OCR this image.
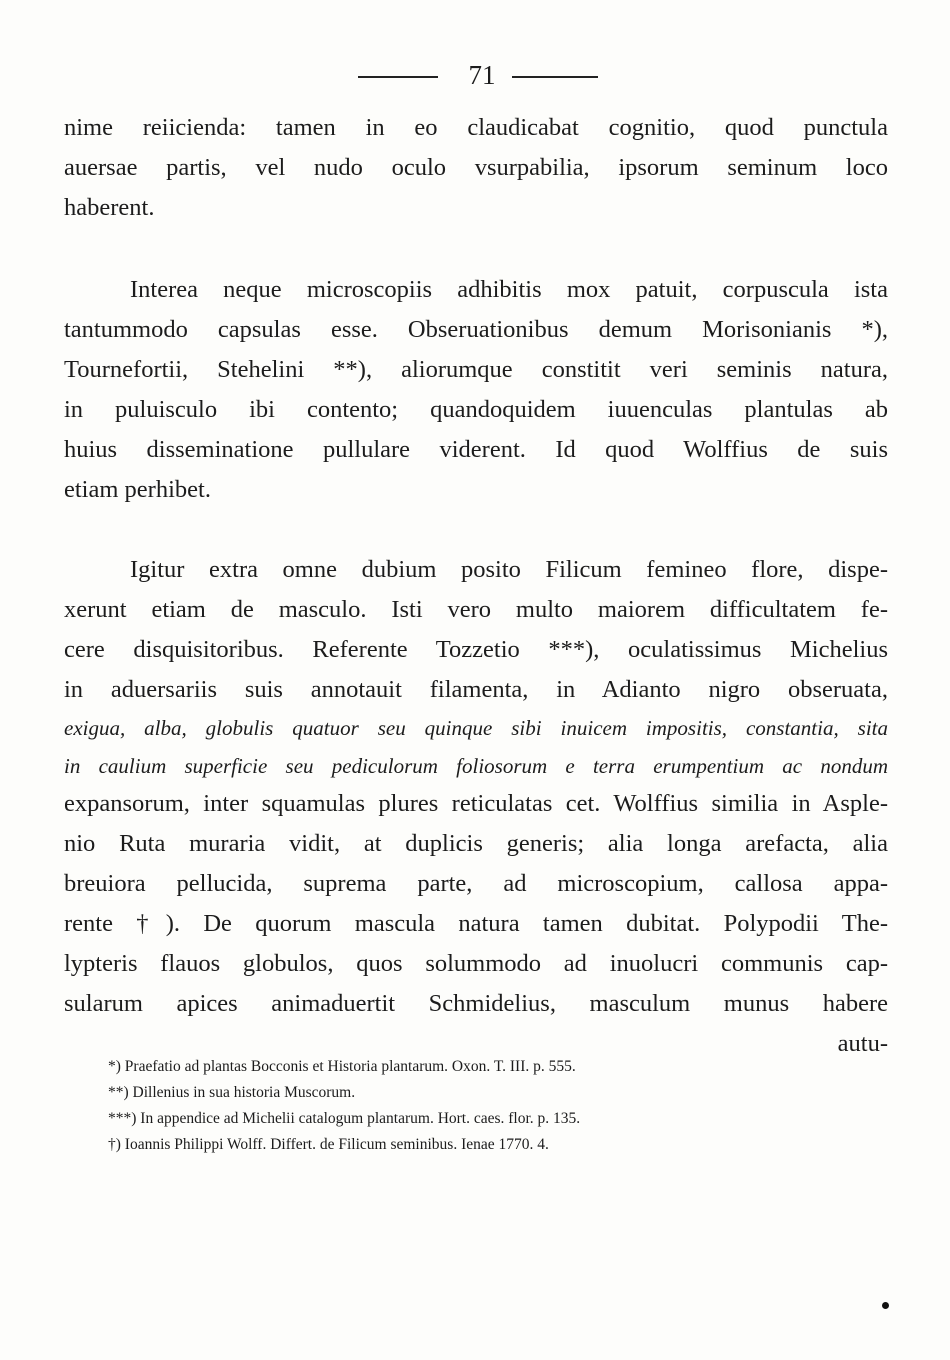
71
nime reiicienda: tamen in eo claudicabat cognitio, quod punctula
auersae partis, vel nudo oculo vsurpabilia, ipsorum seminum loco
haberent.
Interea neque microscopiis adhibitis mox patuit, corpuscula ista
tantummodo capsulas esse. Obseruationibus demum Morisonianis *),
Tournefortii, Stehelini **), aliorumque constitit veri seminis natura,
in puluisculo ibi contento; quandoquidem iuuenculas plantulas ab
huius disseminatione pullulare viderent. Id quod Wolffius de suis
etiam perhibet.
Igitur extra omne dubium posito Filicum femineo flore, dispe-
xerunt etiam de masculo. Isti vero multo maiorem difficultatem fe-
cere disquisitoribus. Referente Tozzetio ***), oculatissimus Michelius
in aduersariis suis annotauit filamenta, in Adianto nigro obseruata,
exigua, alba, globulis quatuor seu quinque sibi inuicem impositis, constantia, sita
in caulium superficie seu pediculorum foliosorum e terra erumpentium ac nondum
expansorum, inter squamulas plures reticulatas cet. Wolffius similia in Asple-
nio Ruta muraria vidit, at duplicis generis; alia longa arefacta, alia
breuiora pellucida, suprema parte, ad microscopium, callosa appa-
rente †). De quorum mascula natura tamen dubitat. Polypodii The-
lypteris flauos globulos, quos solummodo ad inuolucri communis cap-
sularum apices animaduertit Schmidelius, masculum munus habere
autu-
*) Praefatio ad plantas Bocconis et Historia plantarum. Oxon. T. III. p. 555.
**) Dillenius in sua historia Muscorum.
***) In appendice ad Michelii catalogum plantarum. Hort. caes. flor. p. 135.
†) Ioannis Philippi Wolff. Differt. de Filicum seminibus. Ienae 1770. 4.
